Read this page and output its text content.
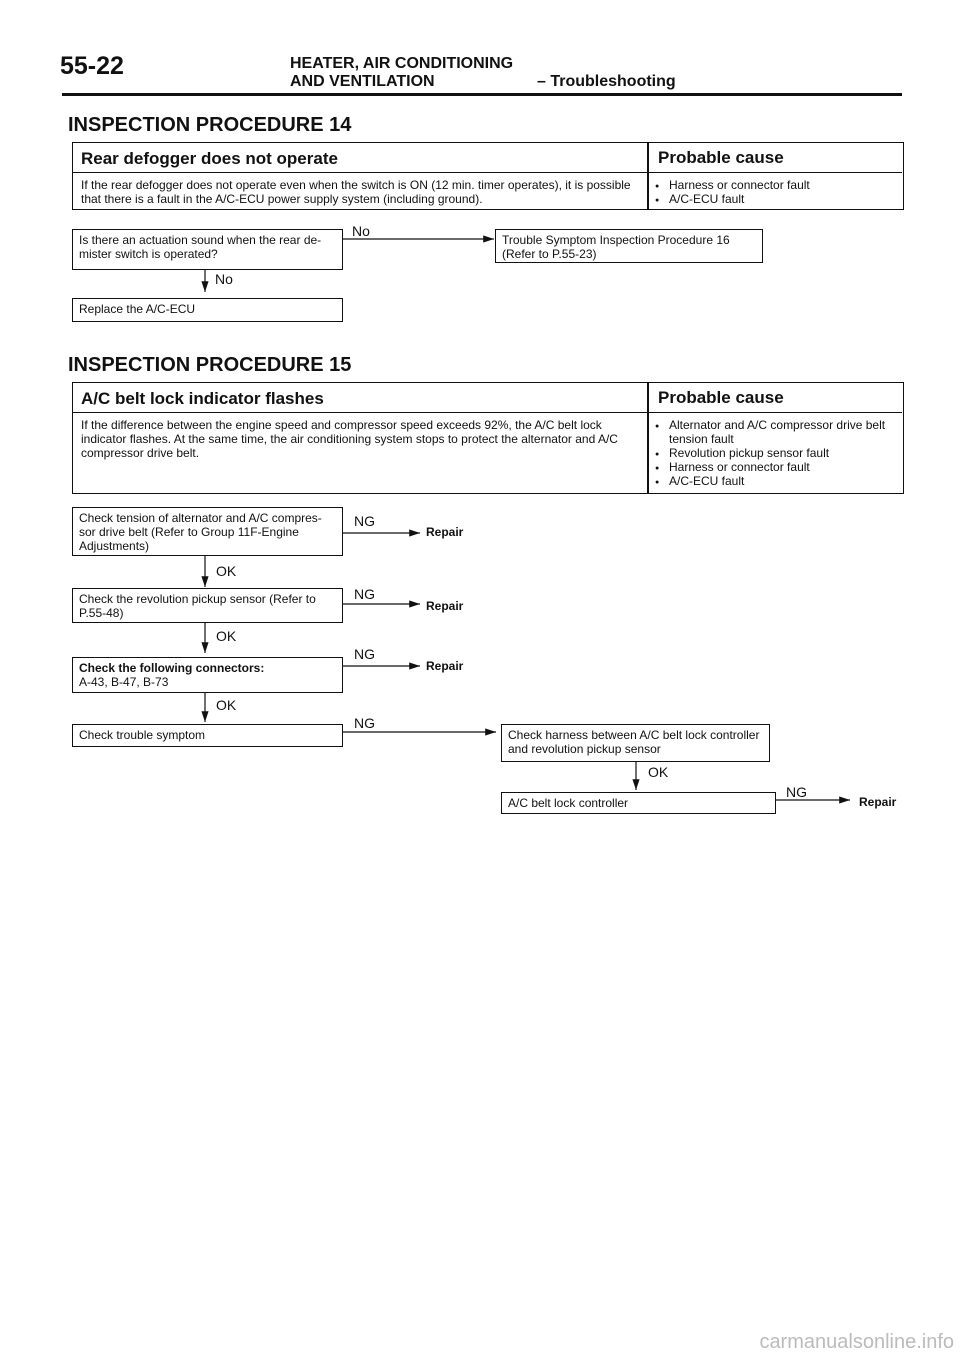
55-22	HEATER, AIR CONDITIONING
AND VENTILATION	– Troubleshooting
INSPECTION PROCEDURE 14
Rear defogger does not operate	Probable cause
If the rear defogger does not operate even when the switch is ON (12 min. timer operates), it is possible that there is a fault in the A/C-ECU power supply system (including ground).
● Harness or connector fault
● A/C-ECU fault
Is there an actuation sound when the rear de-mister switch is operated?
No
Trouble Symptom Inspection Procedure 16 (Refer to P.55-23)
No
Replace the A/C-ECU
INSPECTION PROCEDURE 15
A/C belt lock indicator flashes	Probable cause
If the difference between the engine speed and compressor speed exceeds 92%, the A/C belt lock indicator flashes. At the same time, the air conditioning system stops to protect the alternator and A/C compressor drive belt.
● Alternator and A/C compressor drive belt tension fault
● Revolution pickup sensor fault
● Harness or connector fault
● A/C-ECU fault
Check tension of alternator and A/C compres-sor drive belt (Refer to Group 11F-Engine Adjustments)
NG
Repair
OK
Check the revolution pickup sensor (Refer to P.55-48)
NG
Repair
OK
Check the following connectors:
A-43, B-47, B-73
NG
Repair
OK
Check trouble symptom
NG
Check harness between A/C belt lock controller and revolution pickup sensor
OK
A/C belt lock controller
NG
Repair
carmanualsonline.info
